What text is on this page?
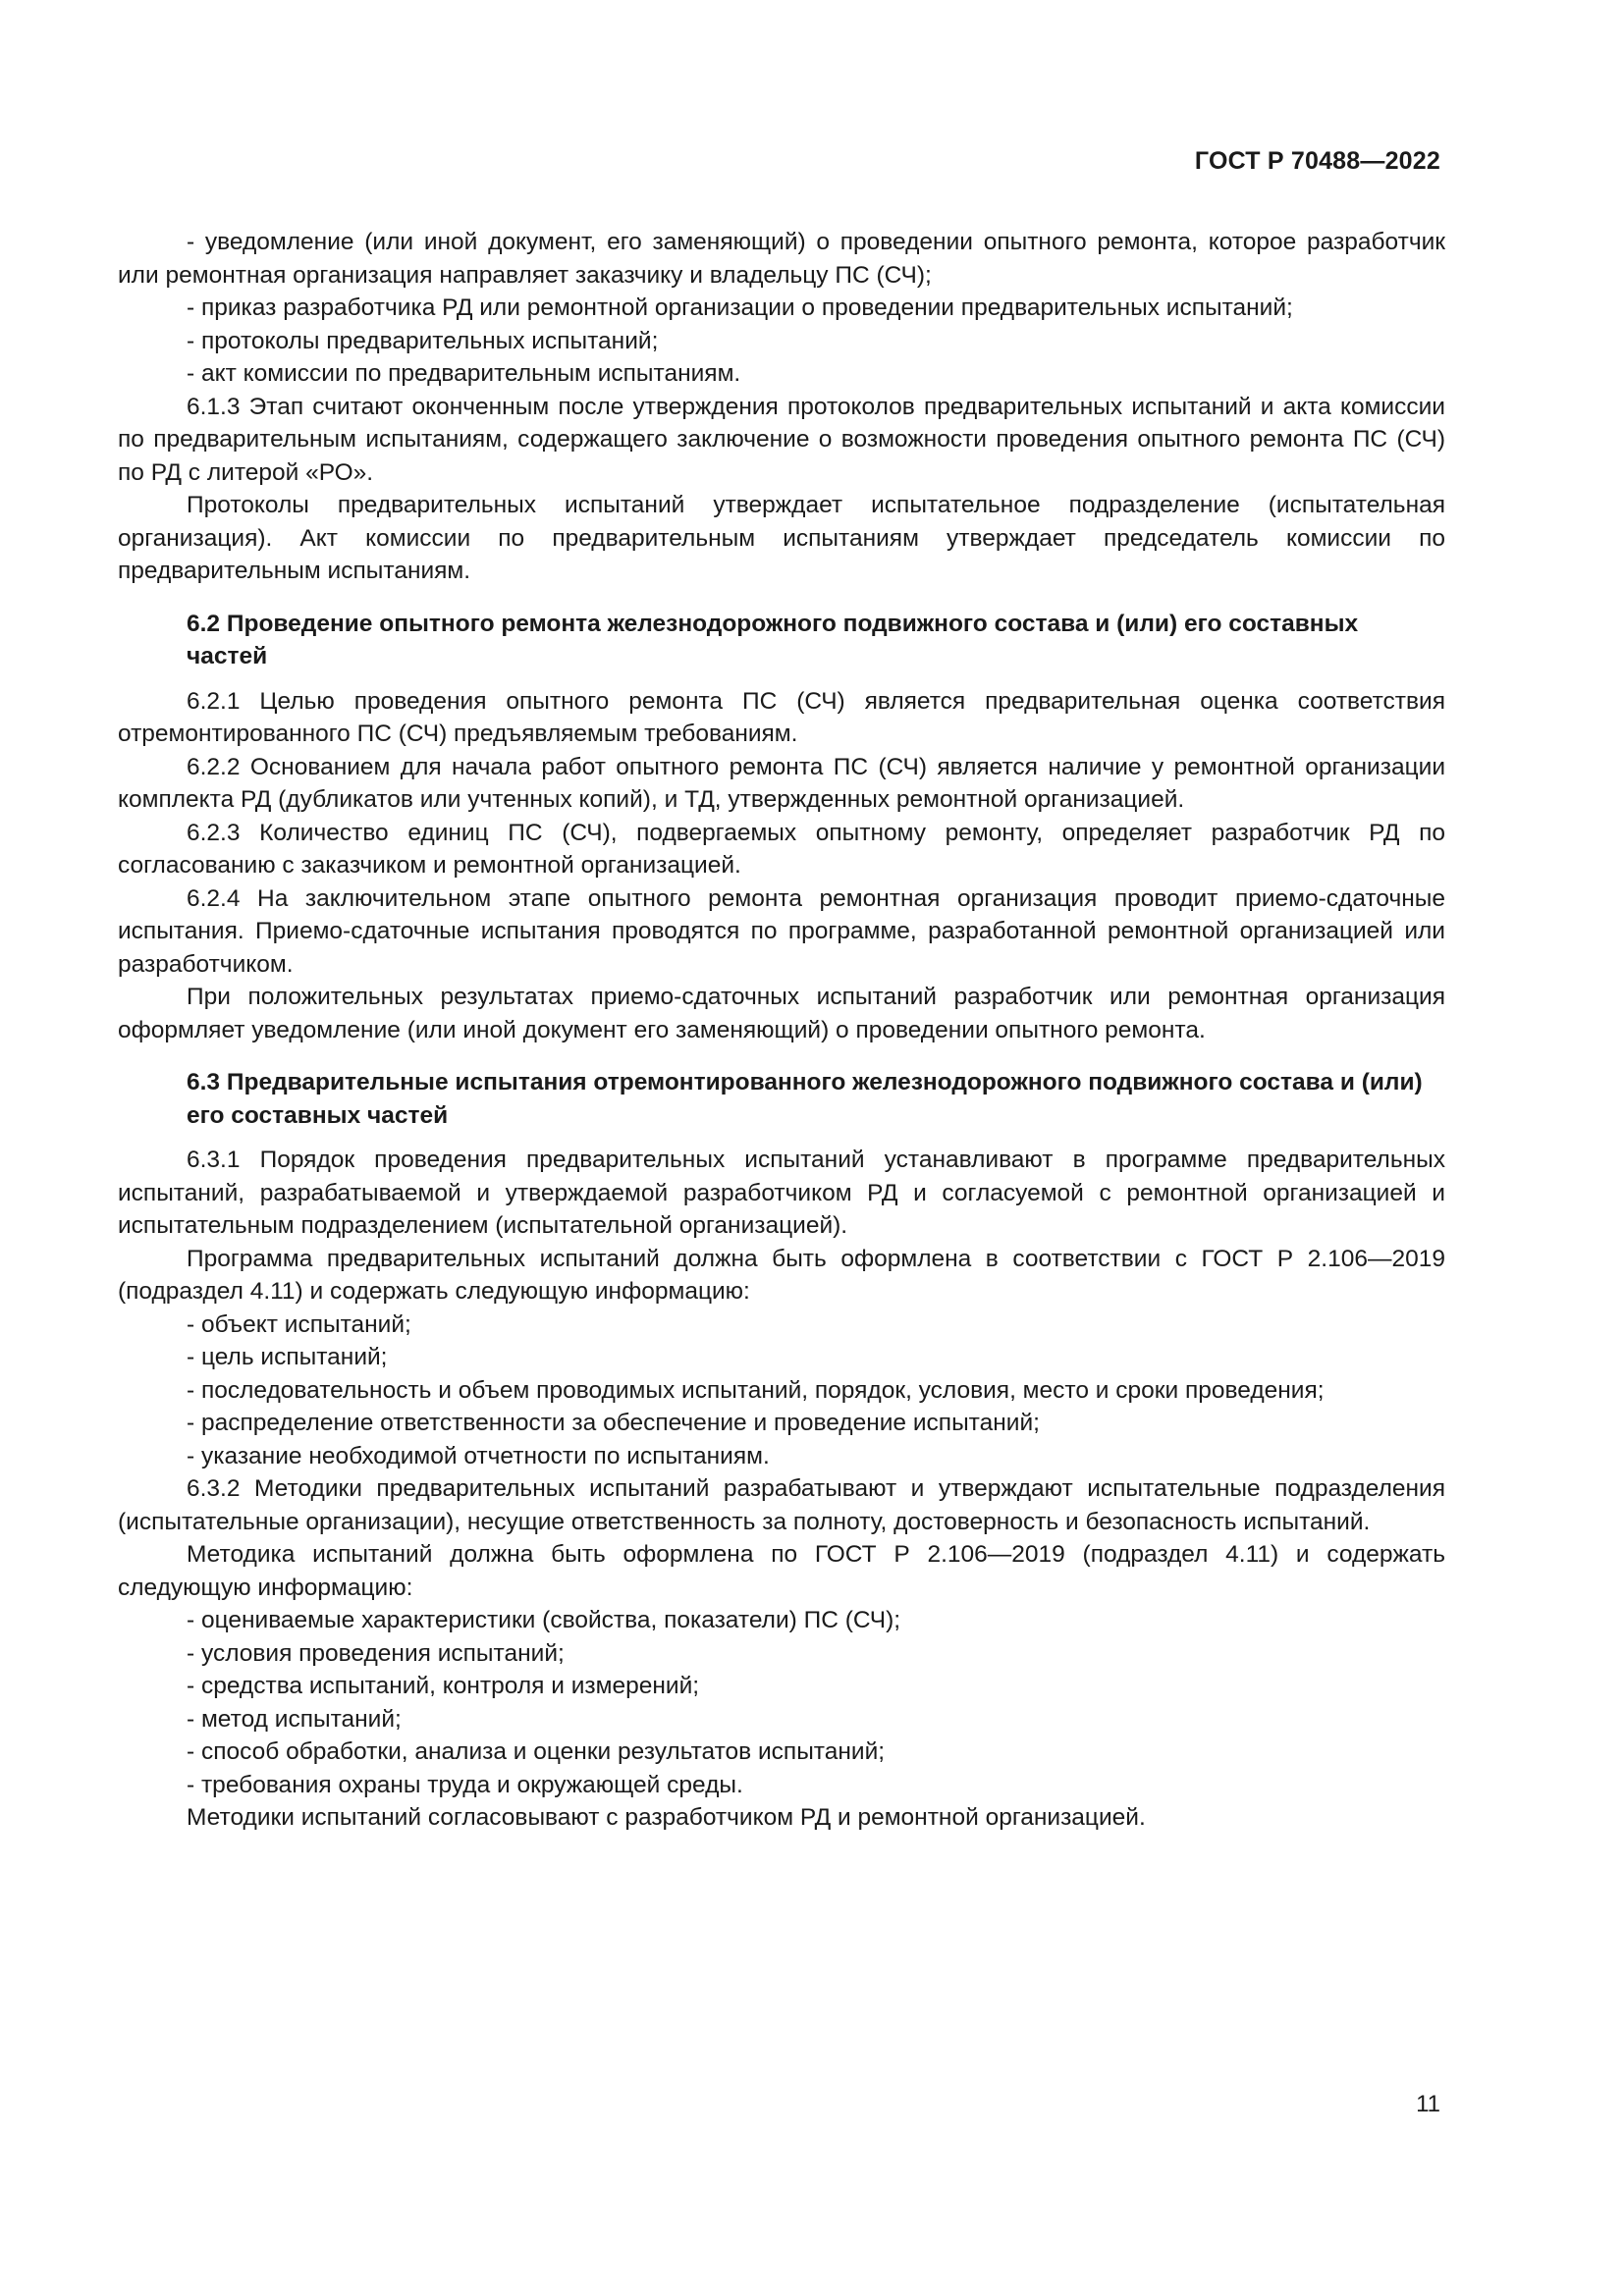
ГОСТ Р 70488—2022

- уведомление (или иной документ, его заменяющий) о проведении опытного ремонта, которое разработчик или ремонтная организация направляет заказчику и владельцу ПС (СЧ);

- приказ разработчика РД или ремонтной организации о проведении предварительных испытаний;

- протоколы предварительных испытаний;

- акт комиссии по предварительным испытаниям.

6.1.3 Этап считают оконченным после утверждения протоколов предварительных испытаний и акта комиссии по предварительным испытаниям, содержащего заключение о возможности проведения опытного ремонта ПС (СЧ) по РД с литерой «РО».

Протоколы предварительных испытаний утверждает испытательное подразделение (испытательная организация). Акт комиссии по предварительным испытаниям утверждает председатель комиссии по предварительным испытаниям.

6.2 Проведение опытного ремонта железнодорожного подвижного состава и (или) его составных частей

6.2.1 Целью проведения опытного ремонта ПС (СЧ) является предварительная оценка соответствия отремонтированного ПС (СЧ) предъявляемым требованиям.

6.2.2 Основанием для начала работ опытного ремонта ПС (СЧ) является наличие у ремонтной организации комплекта РД (дубликатов или учтенных копий), и ТД, утвержденных ремонтной организацией.

6.2.3 Количество единиц ПС (СЧ), подвергаемых опытному ремонту, определяет разработчик РД по согласованию с заказчиком и ремонтной организацией.

6.2.4 На заключительном этапе опытного ремонта ремонтная организация проводит приемо-сдаточные испытания. Приемо-сдаточные испытания проводятся по программе, разработанной ремонтной организацией или разработчиком.

При положительных результатах приемо-сдаточных испытаний разработчик или ремонтная организация оформляет уведомление (или иной документ его заменяющий) о проведении опытного ремонта.

6.3 Предварительные испытания отремонтированного железнодорожного подвижного состава и (или) его составных частей

6.3.1 Порядок проведения предварительных испытаний устанавливают в программе предварительных испытаний, разрабатываемой и утверждаемой разработчиком РД и согласуемой с ремонтной организацией и испытательным подразделением (испытательной организацией).

Программа предварительных испытаний должна быть оформлена в соответствии с ГОСТ Р 2.106—2019 (подраздел 4.11) и содержать следующую информацию:

- объект испытаний;

- цель испытаний;

- последовательность и объем проводимых испытаний, порядок, условия, место и сроки проведения;

- распределение ответственности за обеспечение и проведение испытаний;

- указание необходимой отчетности по испытаниям.

6.3.2 Методики предварительных испытаний разрабатывают и утверждают испытательные подразделения (испытательные организации), несущие ответственность за полноту, достоверность и безопасность испытаний.

Методика испытаний должна быть оформлена по ГОСТ Р 2.106—2019 (подраздел 4.11) и содержать следующую информацию:

- оцениваемые характеристики (свойства, показатели) ПС (СЧ);

- условия проведения испытаний;

- средства испытаний, контроля и измерений;

- метод испытаний;

- способ обработки, анализа и оценки результатов испытаний;

- требования охраны труда и окружающей среды.

Методики испытаний согласовывают с разработчиком РД и ремонтной организацией.

11
